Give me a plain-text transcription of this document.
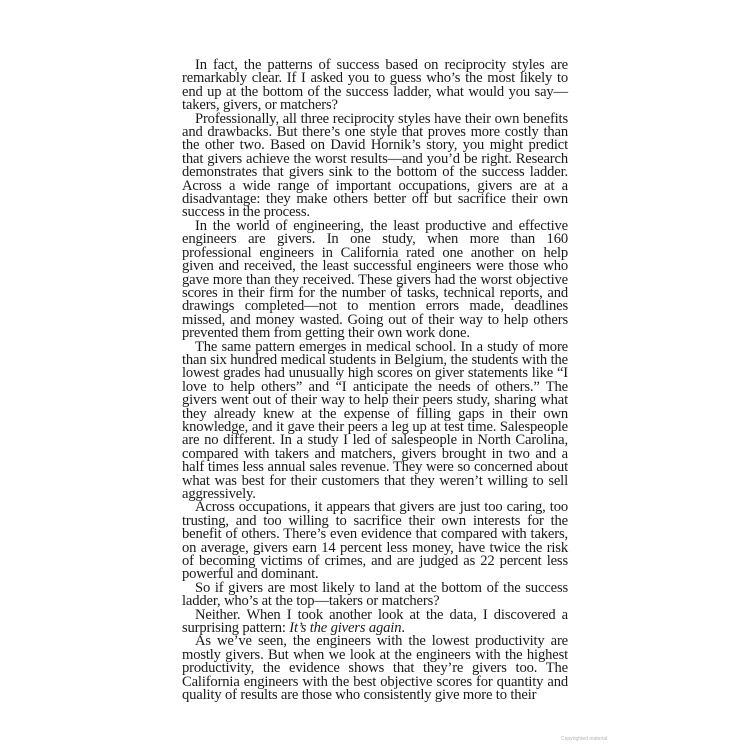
In fact, the patterns of success based on reciprocity styles are remarkably clear. If I asked you to guess who’s the most likely to end up at the bottom of the success ladder, what would you say—takers, givers, or matchers?

Professionally, all three reciprocity styles have their own benefits and drawbacks. But there’s one style that proves more costly than the other two. Based on David Hornik’s story, you might predict that givers achieve the worst results—and you’d be right. Research demonstrates that givers sink to the bottom of the success ladder. Across a wide range of important occupations, givers are at a disadvantage: they make others better off but sacrifice their own success in the process.

In the world of engineering, the least productive and effective engineers are givers. In one study, when more than 160 professional engineers in California rated one another on help given and received, the least successful engineers were those who gave more than they received. These givers had the worst objective scores in their firm for the number of tasks, technical reports, and drawings completed—not to mention errors made, deadlines missed, and money wasted. Going out of their way to help others prevented them from getting their own work done.

The same pattern emerges in medical school. In a study of more than six hundred medical students in Belgium, the students with the lowest grades had unusually high scores on giver statements like “I love to help others” and “I anticipate the needs of others.” The givers went out of their way to help their peers study, sharing what they already knew at the expense of filling gaps in their own knowledge, and it gave their peers a leg up at test time. Salespeople are no different. In a study I led of salespeople in North Carolina, compared with takers and matchers, givers brought in two and a half times less annual sales revenue. They were so concerned about what was best for their customers that they weren’t willing to sell aggressively.

Across occupations, it appears that givers are just too caring, too trusting, and too willing to sacrifice their own interests for the benefit of others. There’s even evidence that compared with takers, on average, givers earn 14 percent less money, have twice the risk of becoming victims of crimes, and are judged as 22 percent less powerful and dominant.

So if givers are most likely to land at the bottom of the success ladder, who’s at the top—takers or matchers?

Neither. When I took another look at the data, I discovered a surprising pattern: It’s the givers again.

As we’ve seen, the engineers with the lowest productivity are mostly givers. But when we look at the engineers with the highest productivity, the evidence shows that they’re givers too. The California engineers with the best objective scores for quantity and quality of results are those who consistently give more to their

Copyrighted material
